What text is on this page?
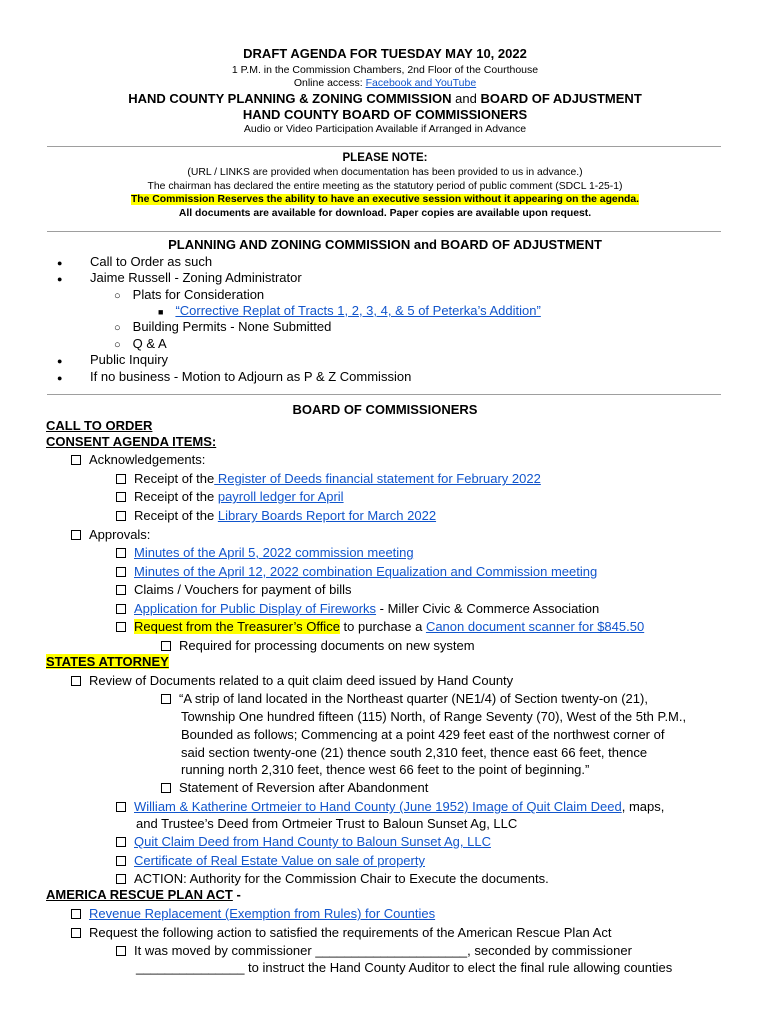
DRAFT AGENDA FOR TUESDAY MAY 10, 2022
1 P.M. in the Commission Chambers, 2nd Floor of the Courthouse
Online access: Facebook and YouTube
HAND COUNTY PLANNING & ZONING COMMISSION and BOARD OF ADJUSTMENT
HAND COUNTY BOARD OF COMMISSIONERS
Audio or Video Participation Available if Arranged in Advance
PLEASE NOTE:
(URL / LINKS are provided when documentation has been provided to us in advance.)
The chairman has declared the entire meeting as the statutory period of public comment (SDCL 1-25-1)
The Commission Reserves the ability to have an executive session without it appearing on the agenda.
All documents are available for download. Paper copies are available upon request.
PLANNING AND ZONING COMMISSION and BOARD OF ADJUSTMENT
● Call to Order as such
● Jaime Russell - Zoning Administrator
○ Plats for Consideration
■ “Corrective Replat of Tracts 1, 2, 3, 4, & 5 of Peterka’s Addition”
○ Building Permits - None Submitted
○ Q & A
● Public Inquiry
● If no business - Motion to Adjourn as P & Z Commission
BOARD OF COMMISSIONERS
CALL TO ORDER
CONSENT AGENDA ITEMS:
Acknowledgements:
Receipt of the Register of Deeds financial statement for February 2022
Receipt of the payroll ledger for April
Receipt of the Library Boards Report for March 2022
Approvals:
Minutes of the April 5, 2022 commission meeting
Minutes of the April 12, 2022 combination Equalization and Commission meeting
Claims / Vouchers for payment of bills
Application for Public Display of Fireworks - Miller Civic & Commerce Association
Request from the Treasurer’s Office to purchase a Canon document scanner for $845.50
Required for processing documents on new system
STATES ATTORNEY
Review of Documents related to a quit claim deed issued by Hand County
“A strip of land located in the Northeast quarter (NE1/4) of Section twenty-on (21),
Township One hundred fifteen (115) North, of Range Seventy (70), West of the 5th P.M.,
Bounded as follows; Commencing at a point 429 feet east of the northwest corner of
said section twenty-one (21) thence south 2,310 feet, thence east 66 feet, thence
running north 2,310 feet, thence west 66 feet to the point of beginning.”
Statement of Reversion after Abandonment
William & Katherine Ortmeier to Hand County (June 1952) Image of Quit Claim Deed, maps,
and Trustee’s Deed from Ortmeier Trust to Baloun Sunset Ag, LLC
Quit Claim Deed from Hand County to Baloun Sunset Ag, LLC
Certificate of Real Estate Value on sale of property
ACTION: Authority for the Commission Chair to Execute the documents.
AMERICA RESCUE PLAN ACT -
Revenue Replacement (Exemption from Rules) for Counties
Request the following action to satisfied the requirements of the American Rescue Plan Act
It was moved by commissioner _____________________, seconded by commissioner
_______________ to instruct the Hand County Auditor to elect the final rule allowing counties
